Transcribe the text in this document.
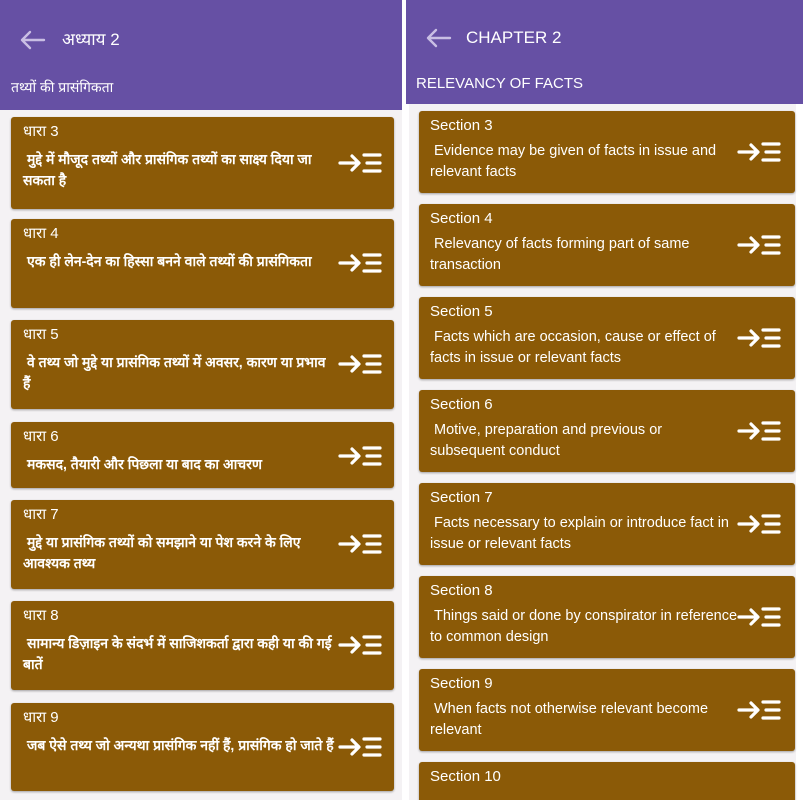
अध्याय 2
तथ्यों की प्रासंगिकता
धारा 3
मुद्दे में मौजूद तथ्यों और प्रासंगिक तथ्यों का साक्ष्य दिया जा सकता है
धारा 4
एक ही लेन-देन का हिस्सा बनने वाले तथ्यों की प्रासंगिकता
धारा 5
वे तथ्य जो मुद्दे या प्रासंगिक तथ्यों में अवसर, कारण या प्रभाव हैं
धारा 6
मकसद, तैयारी और पिछला या बाद का आचरण
धारा 7
मुद्दे या प्रासंगिक तथ्यों को समझाने या पेश करने के लिए आवश्यक तथ्य
धारा 8
सामान्य डिज़ाइन के संदर्भ में साजिशकर्ता द्वारा कही या की गई बातें
धारा 9
जब ऐसे तथ्य जो अन्यथा प्रासंगिक नहीं हैं, प्रासंगिक हो जाते हैं
CHAPTER 2
RELEVANCY OF FACTS
Section 3
Evidence may be given of facts in issue and relevant facts
Section 4
Relevancy of facts forming part of same transaction
Section 5
Facts which are occasion, cause or effect of facts in issue or relevant facts
Section 6
Motive, preparation and previous or subsequent conduct
Section 7
Facts necessary to explain or introduce fact in issue or relevant facts
Section 8
Things said or done by conspirator in reference to common design
Section 9
When facts not otherwise relevant become relevant
Section 10
